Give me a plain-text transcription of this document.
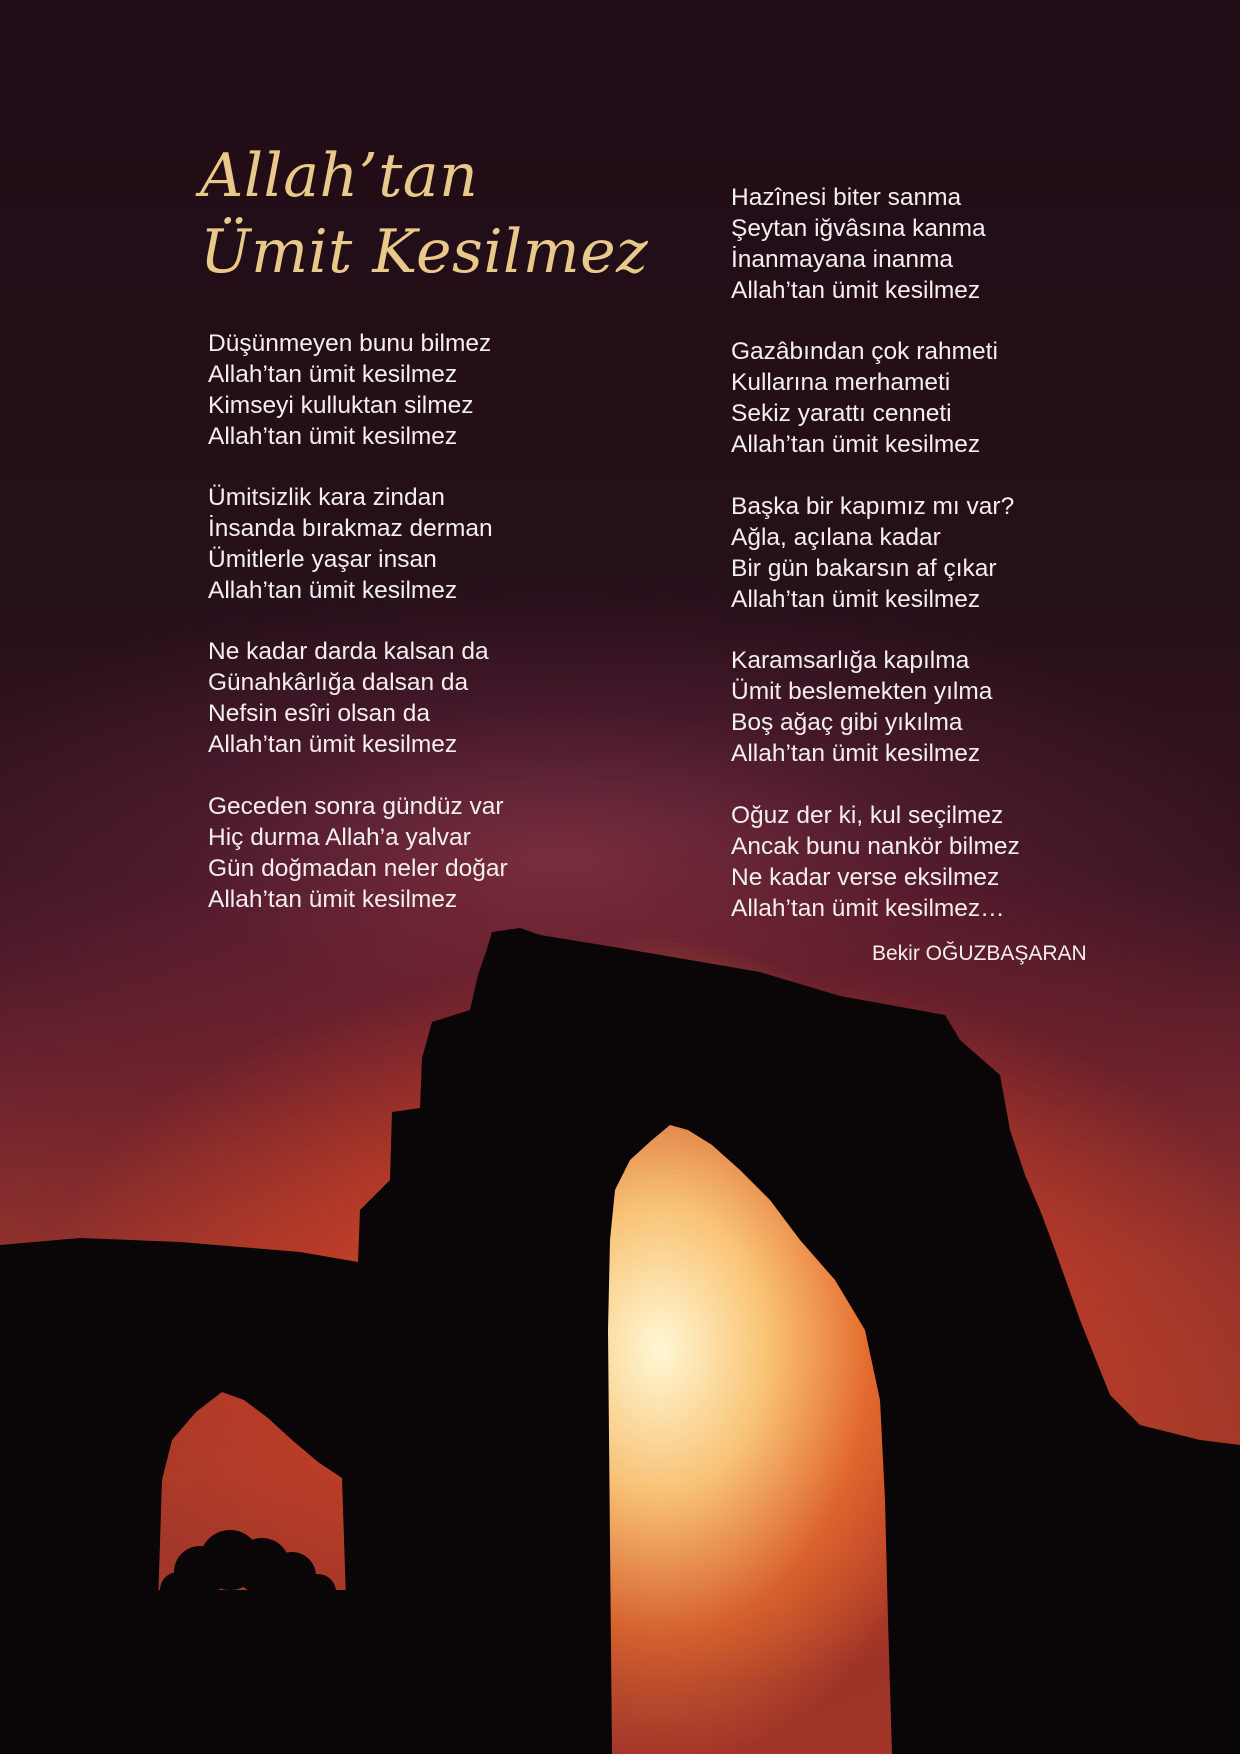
Allah’tan
Ümit Kesilmez

Düşünmeyen bunu bilmez
Allah’tan ümit kesilmez
Kimseyi kulluktan silmez
Allah’tan ümit kesilmez

Ümitsizlik kara zindan
İnsanda bırakmaz derman
Ümitlerle yaşar insan
Allah’tan ümit kesilmez

Ne kadar darda kalsan da
Günahkârlığa dalsan da
Nefsin esîri olsan da
Allah’tan ümit kesilmez

Geceden sonra gündüz var
Hiç durma Allah’a yalvar
Gün doğmadan neler doğar
Allah’tan ümit kesilmez

Hazînesi biter sanma
Şeytan iğvâsına kanma
İnanmayana inanma
Allah’tan ümit kesilmez

Gazâbından çok rahmeti
Kullarına merhameti
Sekiz yarattı cenneti
Allah’tan ümit kesilmez

Başka bir kapımız mı var?
Ağla, açılana kadar
Bir gün bakarsın af çıkar
Allah’tan ümit kesilmez

Karamsarlığa kapılma
Ümit beslemekten yılma
Boş ağaç gibi yıkılma
Allah’tan ümit kesilmez

Oğuz der ki, kul seçilmez
Ancak bunu nankör bilmez
Ne kadar verse eksilmez
Allah’tan ümit kesilmez…

Bekir OĞUZBAŞARAN
